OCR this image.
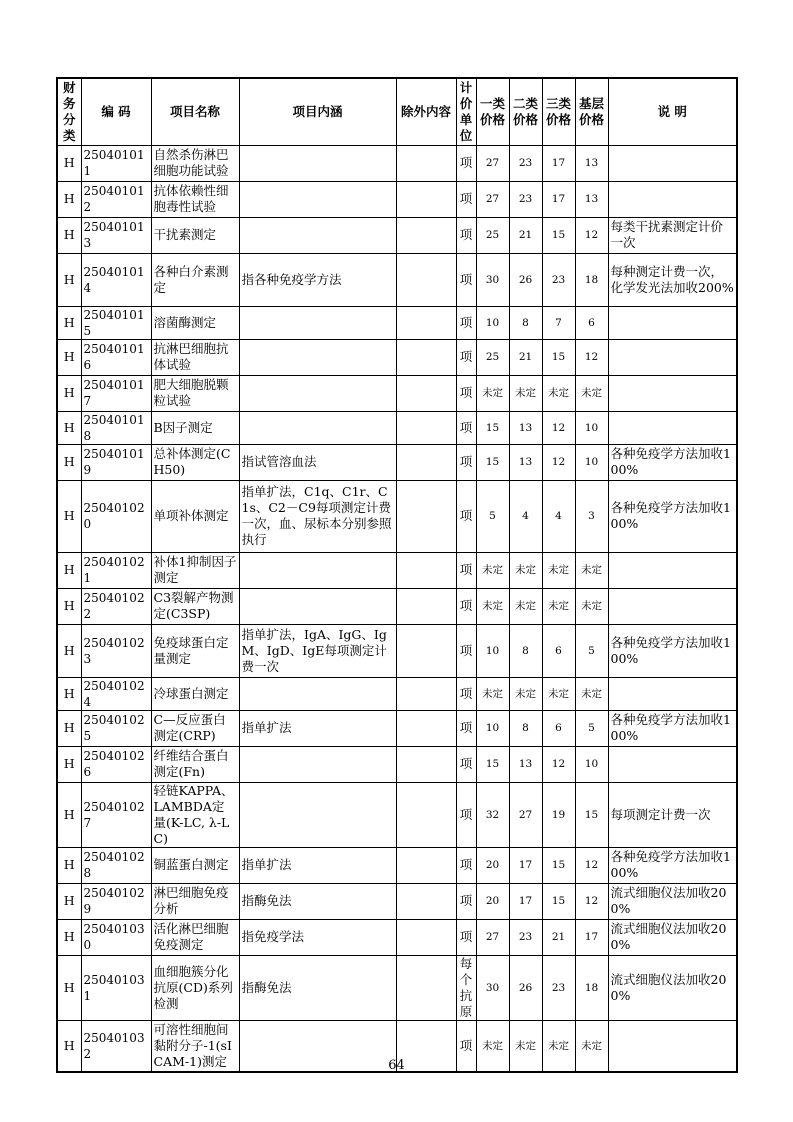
财务分类	编 码	项目名称	项目内涵	除外内容	计价单位	一类价格	二类价格	三类价格	基层价格	说 明
H	250401011	自然杀伤淋巴细胞功能试验			项	27	23	17	13	
H	250401012	抗体依赖性细胞毒性试验			项	27	23	17	13	
H	250401013	干扰素测定			项	25	21	15	12	每类干扰素测定计价一次
H	250401014	各种白介素测定	指各种免疫学方法		项	30	26	23	18	每种测定计费一次，化学发光法加收200%
H	250401015	溶菌酶测定			项	10	8	7	6	
H	250401016	抗淋巴细胞抗体试验			项	25	21	15	12	
H	250401017	肥大细胞脱颗粒试验			项	未定	未定	未定	未定	
H	250401018	B因子测定			项	15	13	12	10	
H	250401019	总补体测定(CH50)	指试管溶血法		项	15	13	12	10	各种免疫学方法加收100%
H	250401020	单项补体测定	指单扩法，C1q、C1r、C1s、C2－C9每项测定计费一次，血、尿标本分别参照执行		项	5	4	4	3	各种免疫学方法加收100%
H	250401021	补体1抑制因子测定			项	未定	未定	未定	未定	
H	250401022	C3裂解产物测定(C3SP)			项	未定	未定	未定	未定	
H	250401023	免疫球蛋白定量测定	指单扩法，IgA、IgG、IgM、IgD、IgE每项测定计费一次		项	10	8	6	5	各种免疫学方法加收100%
H	250401024	冷球蛋白测定			项	未定	未定	未定	未定	
H	250401025	C—反应蛋白测定(CRP)	指单扩法		项	10	8	6	5	各种免疫学方法加收100%
H	250401026	纤维结合蛋白测定(Fn)			项	15	13	12	10	
H	250401027	轻链KAPPA、LAMBDA定量(K-LC, λ-LC)			项	32	27	19	15	每项测定计费一次
H	250401028	铜蓝蛋白测定	指单扩法		项	20	17	15	12	各种免疫学方法加收100%
H	250401029	淋巴细胞免疫分析	指酶免法		项	20	17	15	12	流式细胞仪法加收200%
H	250401030	活化淋巴细胞免疫测定	指免疫学法		项	27	23	21	17	流式细胞仪法加收200%
H	250401031	血细胞簇分化抗原(CD)系列检测	指酶免法		每个抗原	30	26	23	18	流式细胞仪法加收200%
H	250401032	可溶性细胞间黏附分子-1(sICAM-1)测定			项	未定	未定	未定	未定	
64
